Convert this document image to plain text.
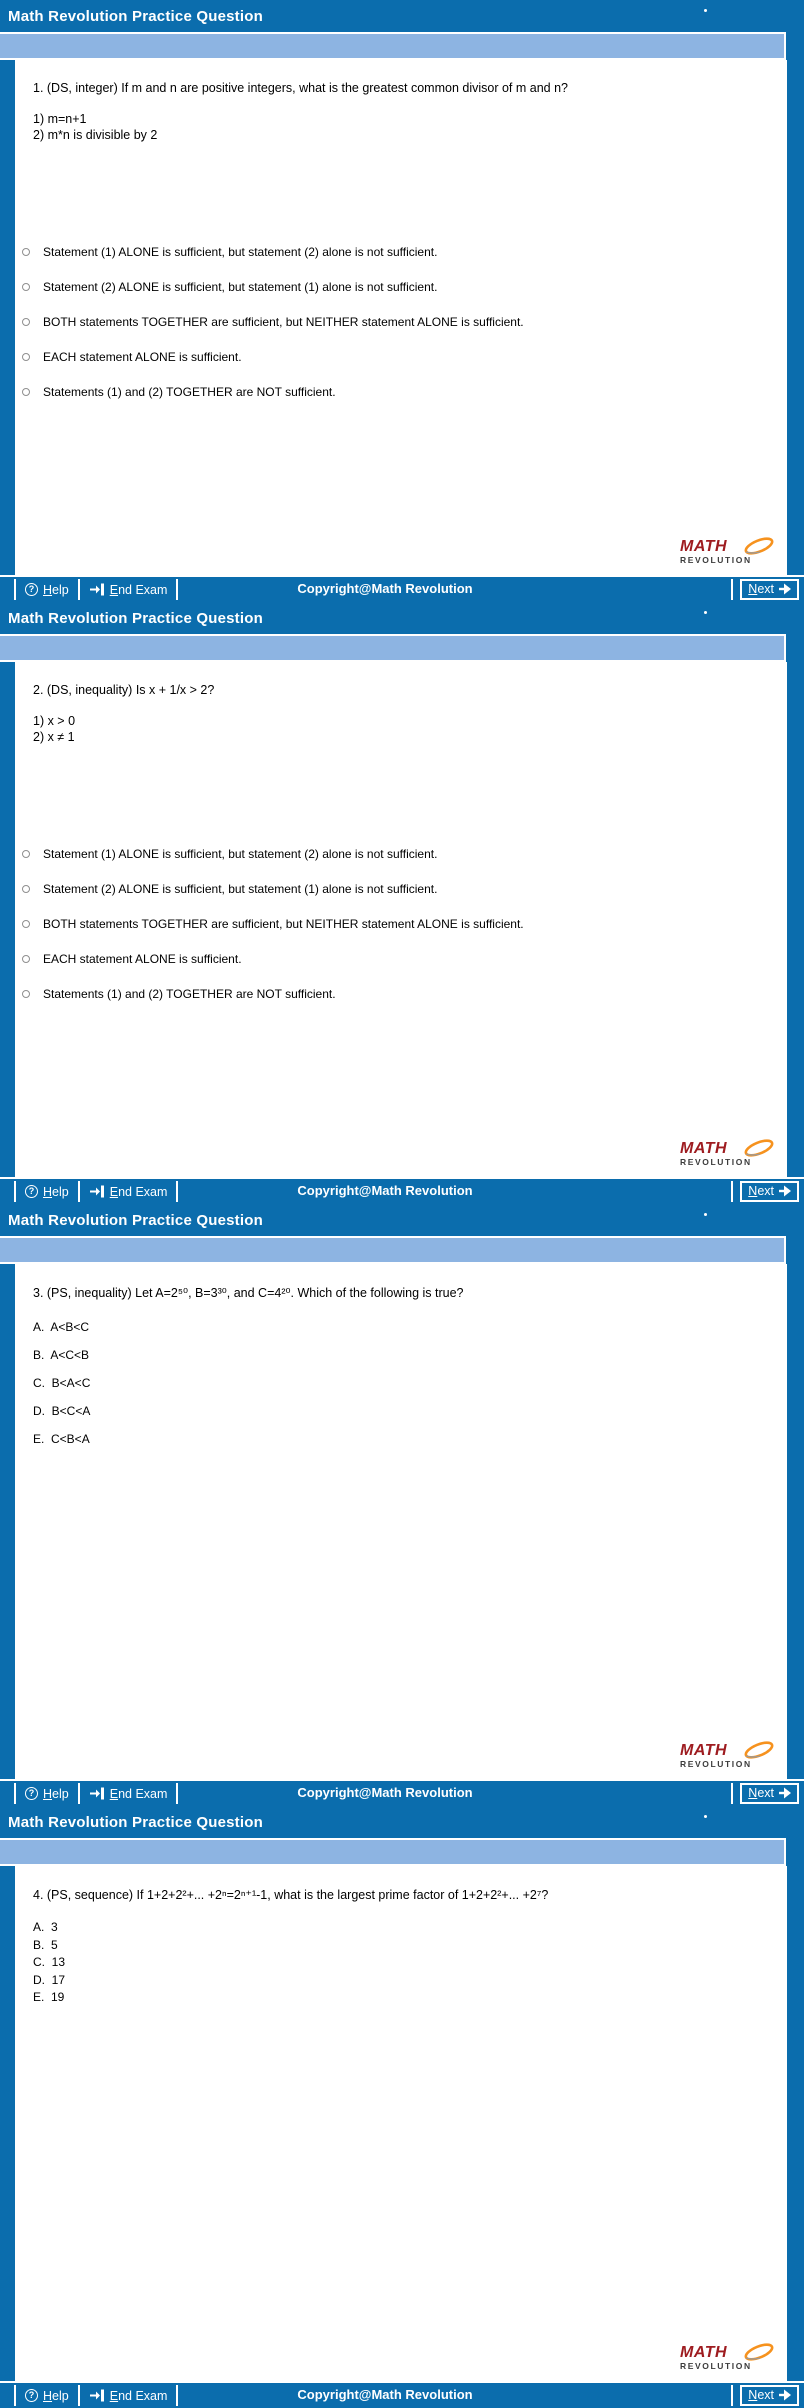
Math Revolution Practice Question
1. (DS, integer) If m and n are positive integers, what is the greatest common divisor of m and n?
1) m=n+1
2) m*n is divisible by 2
Statement (1) ALONE is sufficient, but statement (2) alone is not sufficient.
Statement (2) ALONE is sufficient, but statement (1) alone is not sufficient.
BOTH statements TOGETHER are sufficient, but NEITHER statement ALONE is sufficient.
EACH statement ALONE is sufficient.
Statements (1) and (2) TOGETHER are NOT sufficient.
MATH
REVOLUTION
? Help	End Exam	Copyright@Math Revolution	Next
Math Revolution Practice Question
2. (DS, inequality) Is x + 1/x > 2?
1) x > 0
2) x ≠ 1
Statement (1) ALONE is sufficient, but statement (2) alone is not sufficient.
Statement (2) ALONE is sufficient, but statement (1) alone is not sufficient.
BOTH statements TOGETHER are sufficient, but NEITHER statement ALONE is sufficient.
EACH statement ALONE is sufficient.
Statements (1) and (2) TOGETHER are NOT sufficient.
MATH
REVOLUTION
? Help	End Exam	Copyright@Math Revolution	Next
Math Revolution Practice Question
3. (PS, inequality) Let A=2⁵⁰, B=3³⁰, and C=4²⁰. Which of the following is true?
A.  A<B<C
B.  A<C<B
C.  B<A<C
D.  B<C<A
E.  C<B<A
MATH
REVOLUTION
? Help	End Exam	Copyright@Math Revolution	Next
Math Revolution Practice Question
4. (PS, sequence) If 1+2+2²+... +2ⁿ=2ⁿ⁺¹-1, what is the largest prime factor of 1+2+2²+... +2⁷?
A.  3
B.  5
C.  13
D.  17
E.  19
MATH
REVOLUTION
? Help	End Exam	Copyright@Math Revolution	Next
